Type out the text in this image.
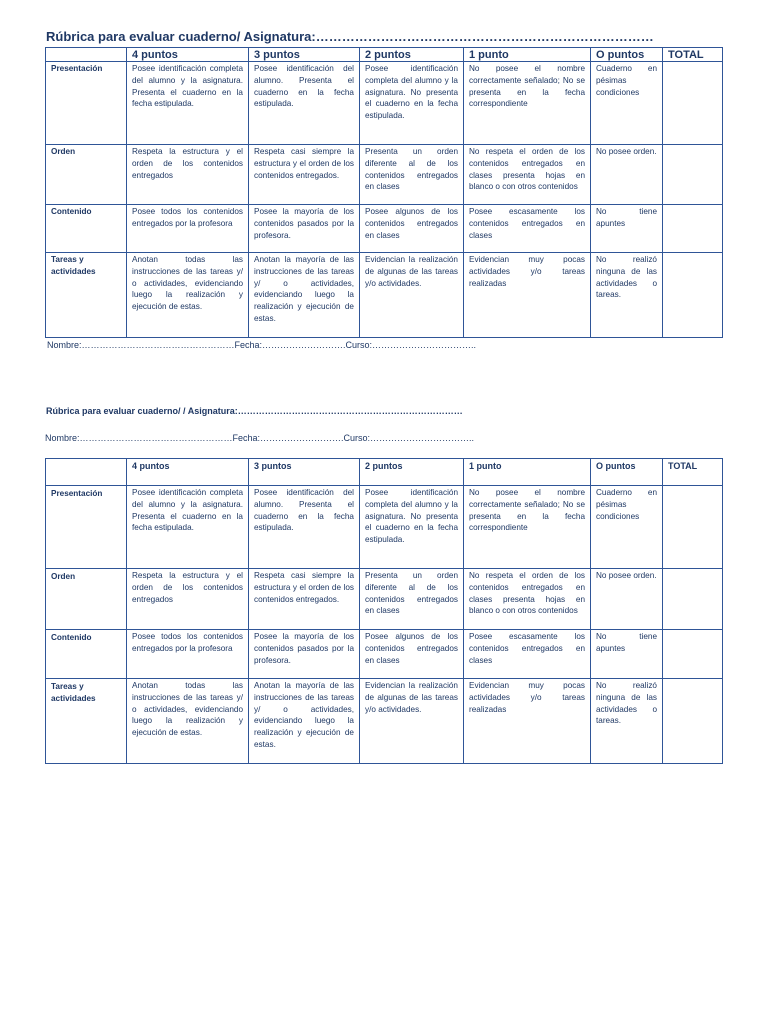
Rúbrica para evaluar cuaderno/ Asignatura:……………………………………………………………………
	4 puntos	3 puntos	2 puntos	1 punto	O puntos	TOTAL
Presentación	Posee identificación completa del alumno y la asignatura. Presenta el cuaderno en la fecha estipulada.	Posee identificación del alumno. Presenta el cuaderno en la fecha estipulada.	Posee identificación completa del alumno y la asignatura. No presenta el cuaderno en la fecha estipulada.	No posee el nombre correctamente señalado; No se presenta en la fecha correspondiente	Cuaderno en pésimas condiciones	
Orden	Respeta la estructura y el orden de los contenidos entregados	Respeta casi siempre la estructura y el orden de los contenidos entregados.	Presenta un orden diferente al de los contenidos entregados en clases	No respeta el orden de los contenidos entregados en clases presenta hojas en blanco o con otros contenidos	No posee orden.	
Contenido	Posee todos los contenidos entregados por la profesora	Posee la mayoría de los contenidos pasados por la profesora.	Posee algunos de los contenidos entregados en clases	Posee escasamente los contenidos entregados en clases	No tiene apuntes	
Tareas y actividades	Anotan todas las instrucciones de las tareas y/ o actividades, evidenciando luego la realización y ejecución de estas.	Anotan la mayoría de las instrucciones de las tareas y/ o actividades, evidenciando luego la realización y ejecución de estas.	Evidencian la realización de algunas de las tareas y/o actividades.	Evidencian muy pocas actividades y/o tareas realizadas	No realizó ninguna de las actividades o tareas.	
Nombre:……………………………………………Fecha:……………………….Curso:……………………………..
Rúbrica para evaluar cuaderno/ / Asignatura:…………………………………………………………………
Nombre:……………………………………………Fecha:……………………….Curso:……………………………..
	4 puntos	3 puntos	2 puntos	1 punto	O puntos	TOTAL
Presentación	Posee identificación completa del alumno y la asignatura. Presenta el cuaderno en la fecha estipulada.	Posee identificación del alumno. Presenta el cuaderno en la fecha estipulada.	Posee identificación completa del alumno y la asignatura. No presenta el cuaderno en la fecha estipulada.	No posee el nombre correctamente señalado; No se presenta en la fecha correspondiente	Cuaderno en pésimas condiciones	
Orden	Respeta la estructura y el orden de los contenidos entregados	Respeta casi siempre la estructura y el orden de los contenidos entregados.	Presenta un orden diferente al de los contenidos entregados en clases	No respeta el orden de los contenidos entregados en clases presenta hojas en blanco o con otros contenidos	No posee orden.	
Contenido	Posee todos los contenidos entregados por la profesora	Posee la mayoría de los contenidos pasados por la profesora.	Posee algunos de los contenidos entregados en clases	Posee escasamente los contenidos entregados en clases	No tiene apuntes	
Tareas y actividades	Anotan todas las instrucciones de las tareas y/ o actividades, evidenciando luego la realización y ejecución de estas.	Anotan la mayoría de las instrucciones de las tareas y/ o actividades, evidenciando luego la realización y ejecución de estas.	Evidencian la realización de algunas de las tareas y/o actividades.	Evidencian muy pocas actividades y/o tareas realizadas	No realizó ninguna de las actividades o tareas.	
